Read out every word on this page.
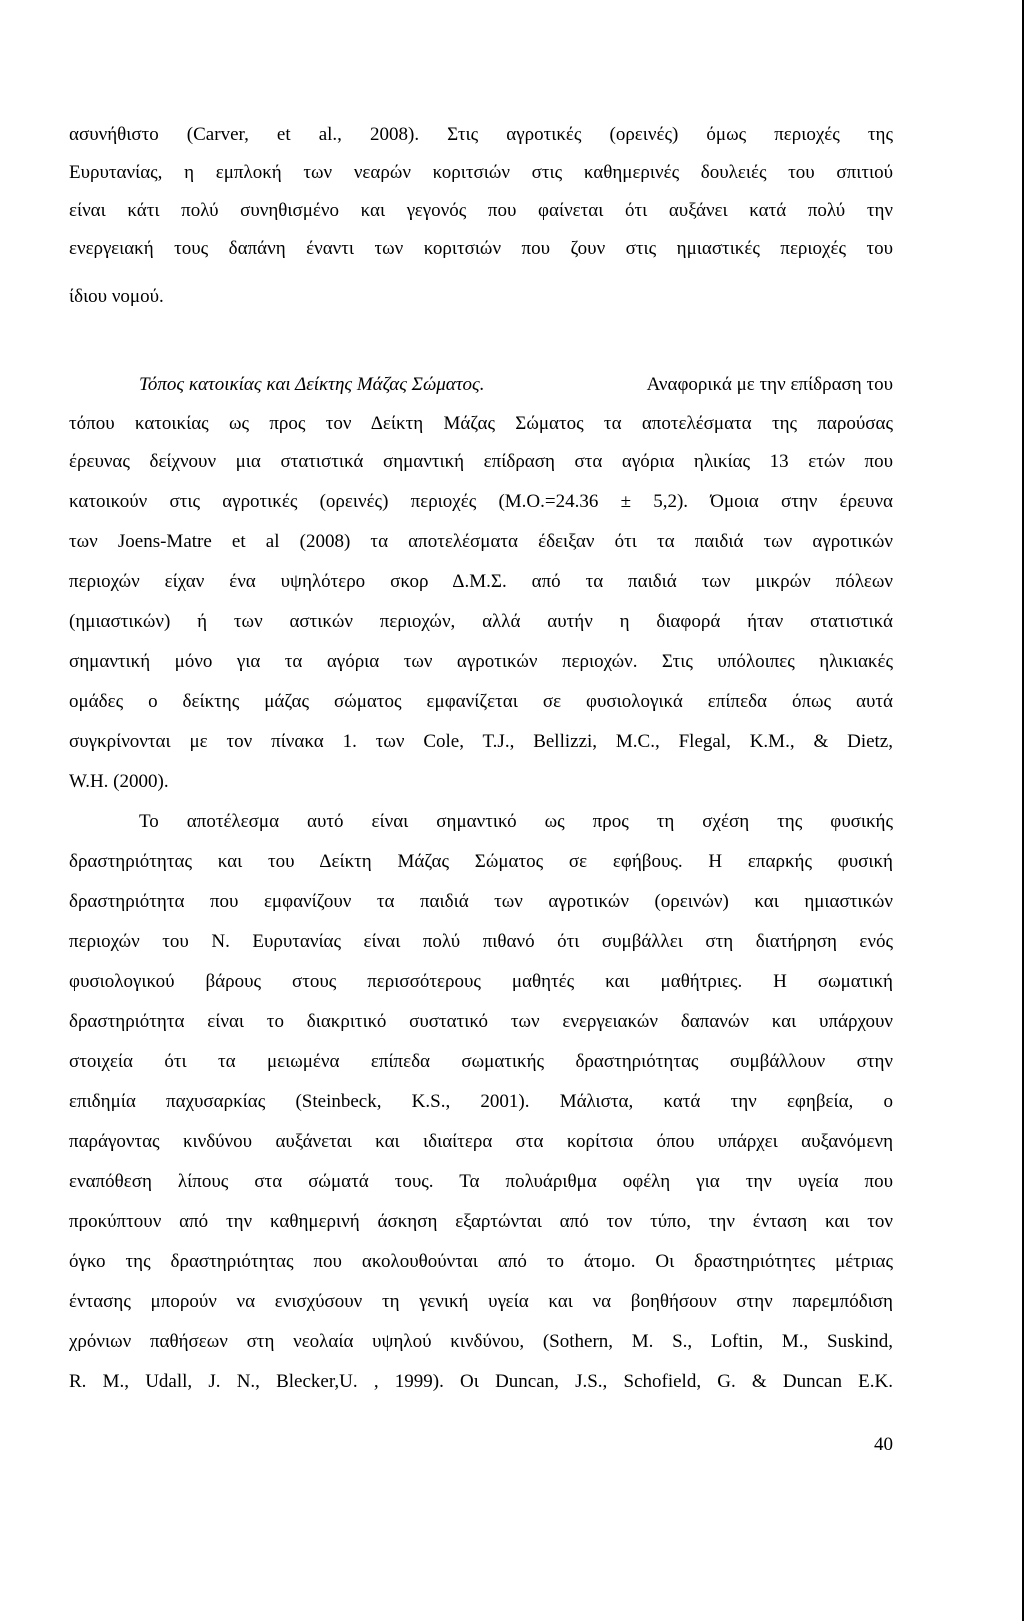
ασυνήθιστο (Carver, et al., 2008). Στις αγροτικές (ορεινές) όμως περιοχές της

Ευρυτανίας, η εμπλοκή των νεαρών κοριτσιών στις καθημερινές δουλειές του σπιτιού

είναι κάτι πολύ συνηθισμένο και γεγονός που φαίνεται ότι αυξάνει κατά πολύ την

ενεργειακή τους δαπάνη έναντι των κοριτσιών που ζουν στις ημιαστικές περιοχές του

ίδιου νομού.

Τόπος κατοικίας και Δείκτης Μάζας Σώματος.	Αναφορικά με την επίδραση του

τόπου κατοικίας ως προς τον Δείκτη Μάζας Σώματος τα αποτελέσματα της παρούσας

έρευνας δείχνουν μια στατιστικά σημαντική επίδραση στα αγόρια ηλικίας 13 ετών που

κατοικούν στις αγροτικές (ορεινές) περιοχές (Μ.Ο.=24.36 ± 5,2). Όμοια στην έρευνα

των Joens-Matre et al (2008) τα αποτελέσματα έδειξαν ότι τα παιδιά των αγροτικών

περιοχών είχαν ένα υψηλότερο σκορ Δ.Μ.Σ. από τα παιδιά των μικρών πόλεων

(ημιαστικών) ή των αστικών περιοχών, αλλά αυτήν η διαφορά ήταν στατιστικά

σημαντική μόνο για τα αγόρια των αγροτικών περιοχών. Στις υπόλοιπες ηλικιακές

ομάδες ο δείκτης μάζας σώματος εμφανίζεται σε φυσιολογικά επίπεδα όπως αυτά

συγκρίνονται με τον πίνακα 1. των Cole, T.J., Bellizzi, M.C., Flegal, K.M., & Dietz,

W.H. (2000).

Το αποτέλεσμα αυτό είναι σημαντικό ως προς τη σχέση της φυσικής

δραστηριότητας και του Δείκτη Μάζας Σώματος σε εφήβους. Η επαρκής φυσική

δραστηριότητα που εμφανίζουν τα παιδιά των αγροτικών (ορεινών) και ημιαστικών

περιοχών του Ν. Ευρυτανίας είναι πολύ πιθανό ότι συμβάλλει στη διατήρηση ενός

φυσιολογικού βάρους στους περισσότερους μαθητές και μαθήτριες. Η σωματική

δραστηριότητα είναι το διακριτικό συστατικό των ενεργειακών δαπανών και υπάρχουν

στοιχεία ότι τα μειωμένα επίπεδα σωματικής δραστηριότητας συμβάλλουν στην

επιδημία παχυσαρκίας (Steinbeck, K.S., 2001). Μάλιστα, κατά την εφηβεία, ο

παράγοντας κινδύνου αυξάνεται και ιδιαίτερα στα κορίτσια όπου υπάρχει αυξανόμενη

εναπόθεση λίπους στα σώματά τους. Τα πολυάριθμα οφέλη για την υγεία που

προκύπτουν από την καθημερινή άσκηση εξαρτώνται από τον τύπο, την ένταση και τον

όγκο της δραστηριότητας που ακολουθούνται από το άτομο. Οι δραστηριότητες μέτριας

έντασης μπορούν να ενισχύσουν τη γενική υγεία και να βοηθήσουν στην παρεμπόδιση

χρόνιων παθήσεων στη νεολαία υψηλού κινδύνου, (Sothern, M. S., Loftin, M., Suskind,

R. M., Udall, J. N., Blecker,U. , 1999). Οι Duncan, J.S., Schofield, G. & Duncan E.K.

40
